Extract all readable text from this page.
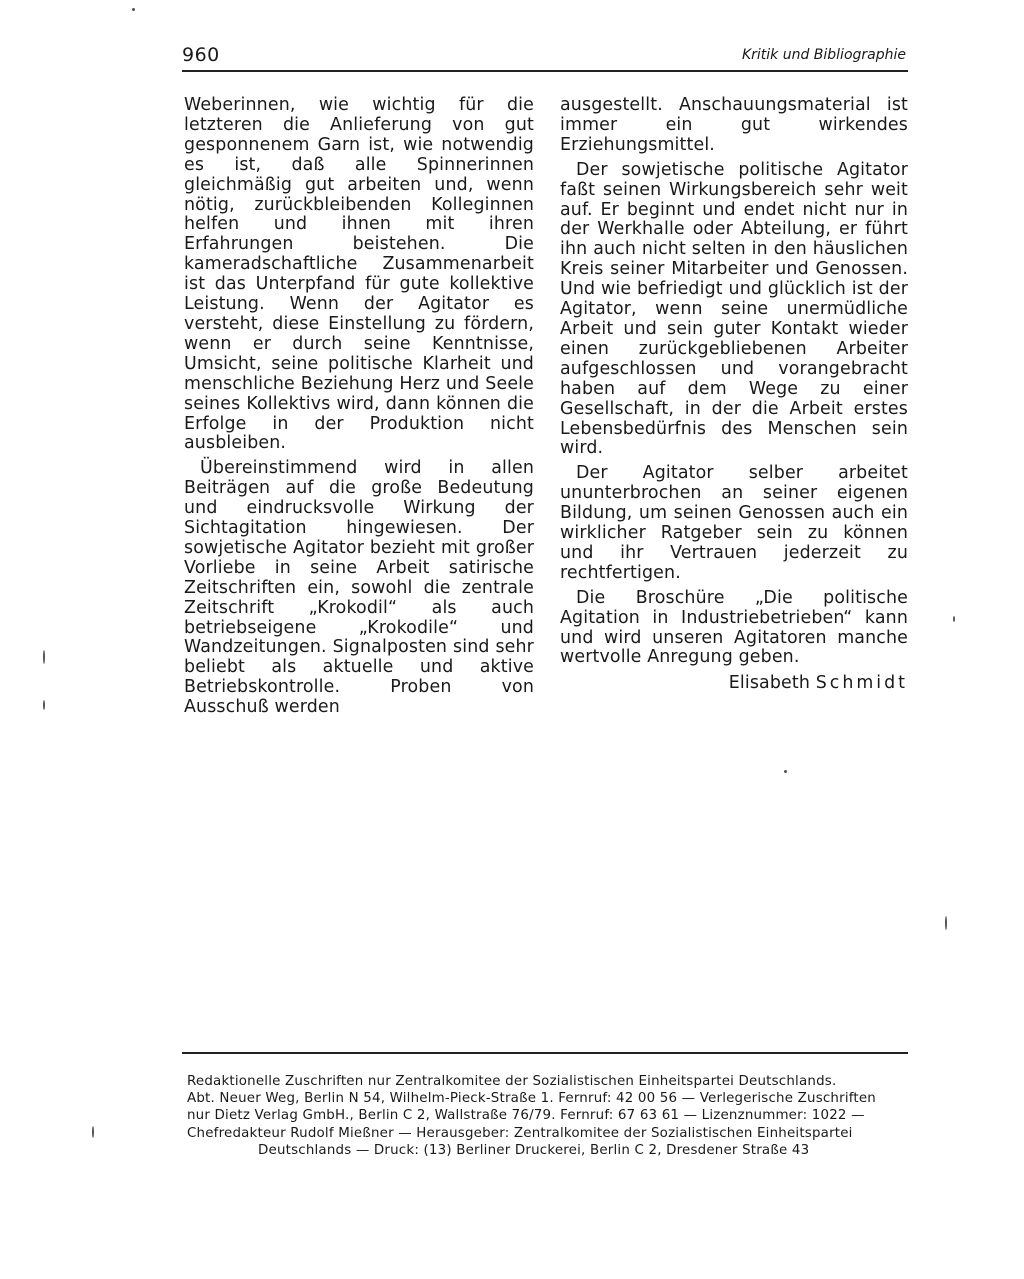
960	Kritik und Bibliographie

Weberinnen, wie wichtig für die letzteren die Anlieferung von gut gesponnenem Garn ist, wie notwendig es ist, daß alle Spinnerinnen gleichmäßig gut arbeiten und, wenn nötig, zurückbleibenden Kolleginnen helfen und ihnen mit ihren Erfahrungen beistehen. Die kameradschaftliche Zusammenarbeit ist das Unterpfand für gute kollektive Leistung. Wenn der Agitator es versteht, diese Einstellung zu fördern, wenn er durch seine Kenntnisse, Umsicht, seine politische Klarheit und menschliche Beziehung Herz und Seele seines Kollektivs wird, dann können die Erfolge in der Produktion nicht ausbleiben.

Übereinstimmend wird in allen Beiträgen auf die große Bedeutung und eindrucksvolle Wirkung der Sichtagitation hingewiesen. Der sowjetische Agitator bezieht mit großer Vorliebe in seine Arbeit satirische Zeitschriften ein, sowohl die zentrale Zeitschrift „Krokodil“ als auch betriebseigene „Krokodile“ und Wandzeitungen. Signalposten sind sehr beliebt als aktuelle und aktive Betriebskontrolle. Proben von Ausschuß werden

ausgestellt. Anschauungsmaterial ist immer ein gut wirkendes Erziehungsmittel.

Der sowjetische politische Agitator faßt seinen Wirkungsbereich sehr weit auf. Er beginnt und endet nicht nur in der Werkhalle oder Abteilung, er führt ihn auch nicht selten in den häuslichen Kreis seiner Mitarbeiter und Genossen. Und wie befriedigt und glücklich ist der Agitator, wenn seine unermüdliche Arbeit und sein guter Kontakt wieder einen zurückgebliebenen Arbeiter aufgeschlossen und vorangebracht haben auf dem Wege zu einer Gesellschaft, in der die Arbeit erstes Lebensbedürfnis des Menschen sein wird.

Der Agitator selber arbeitet ununterbrochen an seiner eigenen Bildung, um seinen Genossen auch ein wirklicher Ratgeber sein zu können und ihr Vertrauen jederzeit zu rechtfertigen.

Die Broschüre „Die politische Agitation in Industriebetrieben“ kann und wird unseren Agitatoren manche wertvolle Anregung geben.

Elisabeth Schmidt
Redaktionelle Zuschriften nur Zentralkomitee der Sozialistischen Einheitspartei Deutschlands.
Abt. Neuer Weg, Berlin N 54, Wilhelm-Pieck-Straße 1. Fernruf: 42 00 56 — Verlegerische Zuschriften
nur Dietz Verlag GmbH., Berlin C 2, Wallstraße 76/79. Fernruf: 67 63 61 — Lizenznummer: 1022 —
Chefredakteur Rudolf Mießner — Herausgeber: Zentralkomitee der Sozialistischen Einheitspartei
Deutschlands — Druck: (13) Berliner Druckerei, Berlin C 2, Dresdener Straße 43
